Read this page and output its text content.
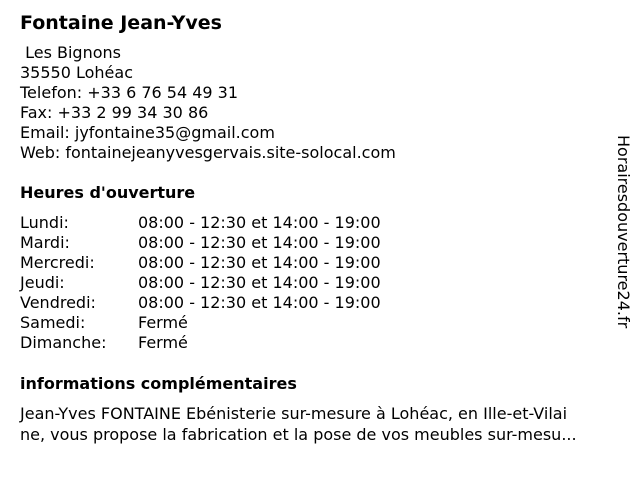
Fontaine Jean-Yves
Les Bignons
35550 Lohéac
Telefon: +33 6 76 54 49 31
Fax: +33 2 99 34 30 86
Email: jyfontaine35@gmail.com
Web: fontainejeanyvesgervais.site-solocal.com
Heures d'ouverture
Lundi:	08:00 - 12:30 et 14:00 - 19:00
Mardi:	08:00 - 12:30 et 14:00 - 19:00
Mercredi:	08:00 - 12:30 et 14:00 - 19:00
Jeudi:	08:00 - 12:30 et 14:00 - 19:00
Vendredi:	08:00 - 12:30 et 14:00 - 19:00
Samedi:	Fermé
Dimanche: Fermé
informations complémentaires
Jean-Yves FONTAINE Ebénisterie sur-mesure à Lohéac, en Ille-et-Vilai
ne, vous propose la fabrication et la pose de vos meubles sur-mesu...
Horairesdouverture24.fr
